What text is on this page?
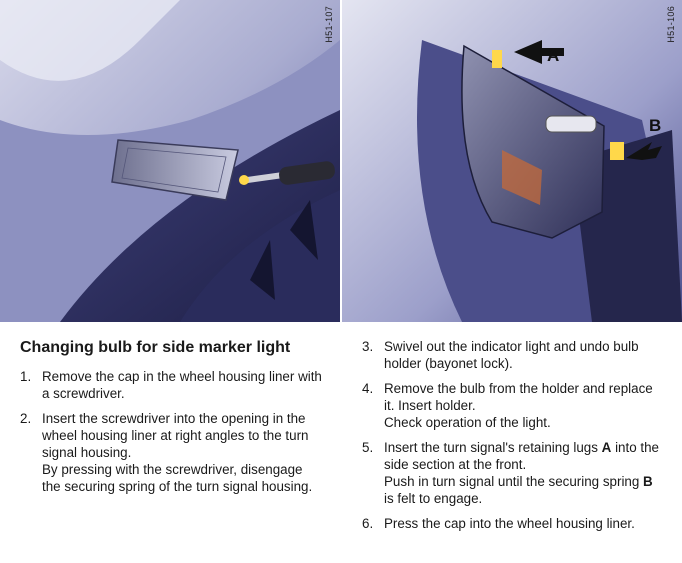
H51-107	H51-106
A
B
Changing bulb for side marker light
1. Remove the cap in the wheel housing liner with
a screwdriver.
2. Insert the screwdriver into the opening in the
wheel housing liner at right angles to the turn
signal housing.
By pressing with the screwdriver, disengage
the securing spring of the turn signal housing.
3. Swivel out the indicator light and undo bulb
holder (bayonet lock).
4. Remove the bulb from the holder and replace
it. Insert holder.
Check operation of the light.
5. Insert the turn signal's retaining lugs A into the
side section at the front.
Push in turn signal until the securing spring B
is felt to engage.
6. Press the cap into the wheel housing liner.
